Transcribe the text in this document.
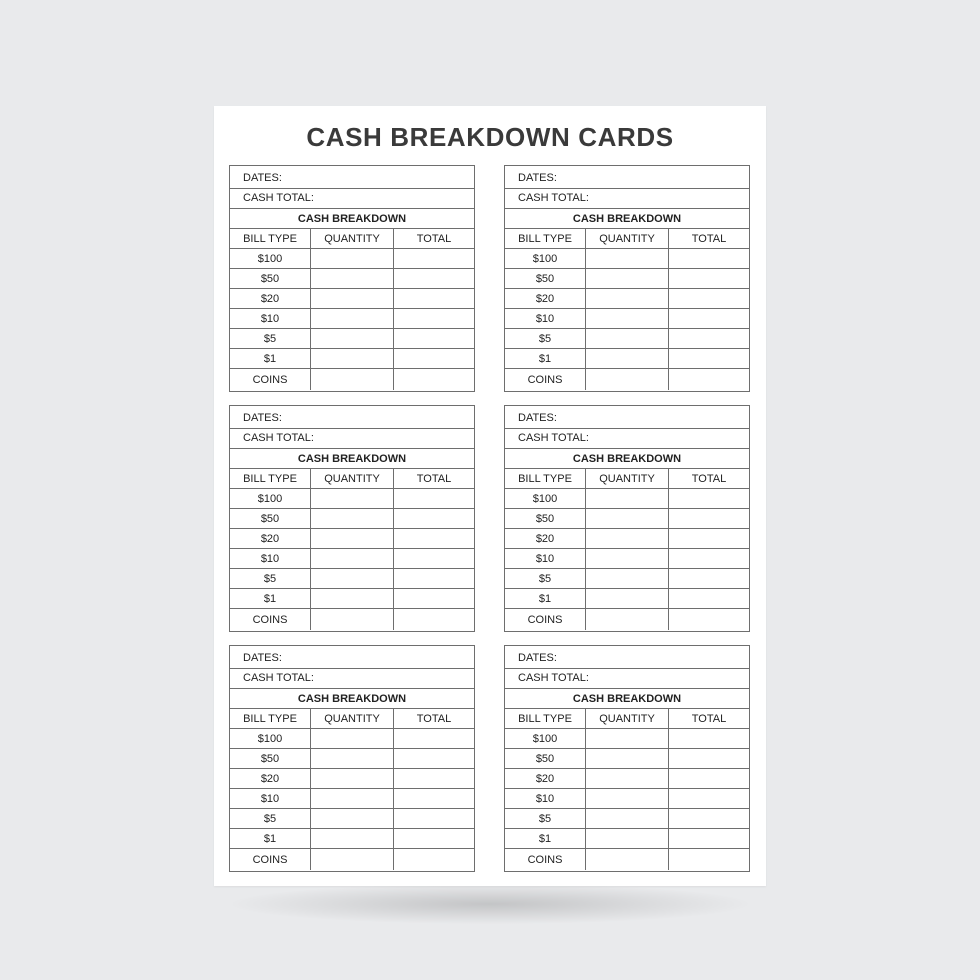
CASH BREAKDOWN CARDS
DATES:
CASH TOTAL:
CASH BREAKDOWN
BILL TYPE	QUANTITY	TOTAL
$100
$50
$20
$10
$5
$1
COINS
DATES:
CASH TOTAL:
CASH BREAKDOWN
BILL TYPE	QUANTITY	TOTAL
$100
$50
$20
$10
$5
$1
COINS
DATES:
CASH TOTAL:
CASH BREAKDOWN
BILL TYPE	QUANTITY	TOTAL
$100
$50
$20
$10
$5
$1
COINS
DATES:
CASH TOTAL:
CASH BREAKDOWN
BILL TYPE	QUANTITY	TOTAL
$100
$50
$20
$10
$5
$1
COINS
DATES:
CASH TOTAL:
CASH BREAKDOWN
BILL TYPE	QUANTITY	TOTAL
$100
$50
$20
$10
$5
$1
COINS
DATES:
CASH TOTAL:
CASH BREAKDOWN
BILL TYPE	QUANTITY	TOTAL
$100
$50
$20
$10
$5
$1
COINS
